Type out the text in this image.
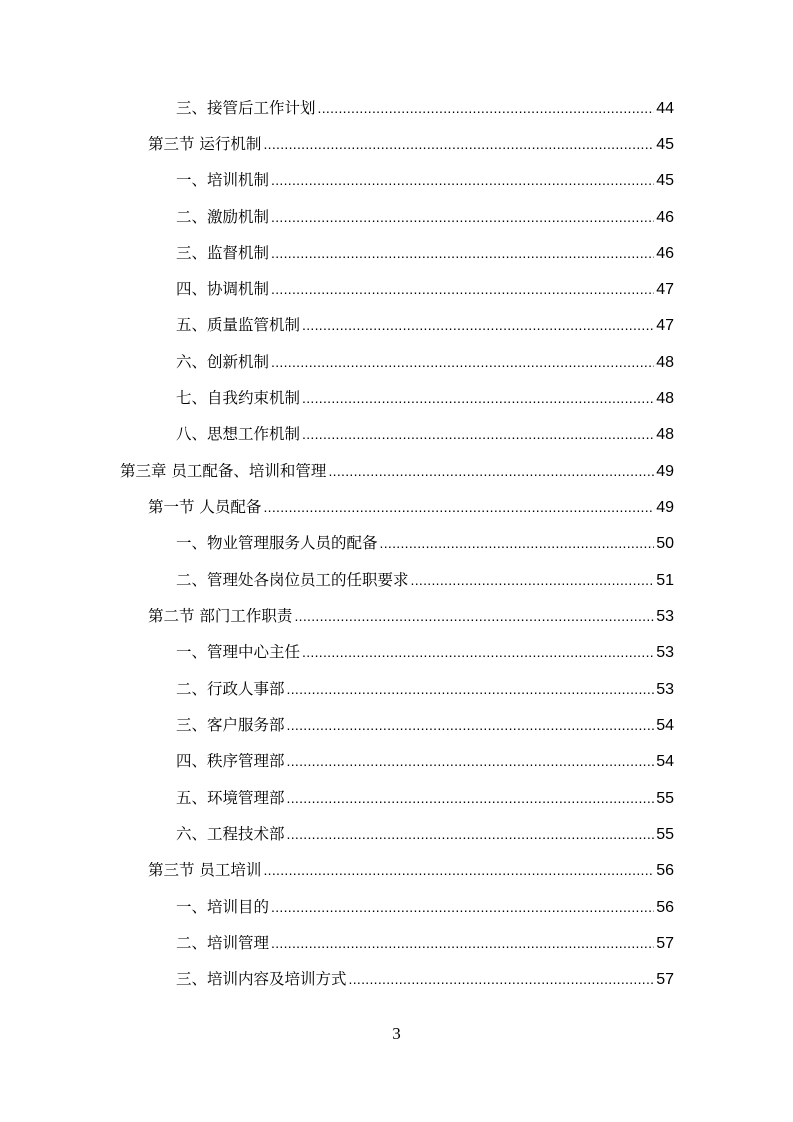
三、接管后工作计划 .....	44
第三节 运行机制 .....	45
一、培训机制 .....	45
二、激励机制 .....	46
三、监督机制 .....	46
四、协调机制 .....	47
五、质量监管机制 .....	47
六、创新机制 .....	48
七、自我约束机制 .....	48
八、思想工作机制 .....	48
第三章 员工配备、培训和管理 .....	49
第一节 人员配备 .....	49
一、物业管理服务人员的配备 .....	50
二、管理处各岗位员工的任职要求 .....	51
第二节 部门工作职责 .....	53
一、管理中心主任 .....	53
二、行政人事部 .....	53
三、客户服务部 .....	54
四、秩序管理部 .....	54
五、环境管理部 .....	55
六、工程技术部 .....	55
第三节 员工培训 .....	56
一、培训目的 .....	56
二、培训管理 .....	57
三、培训内容及培训方式 .....	57
3
